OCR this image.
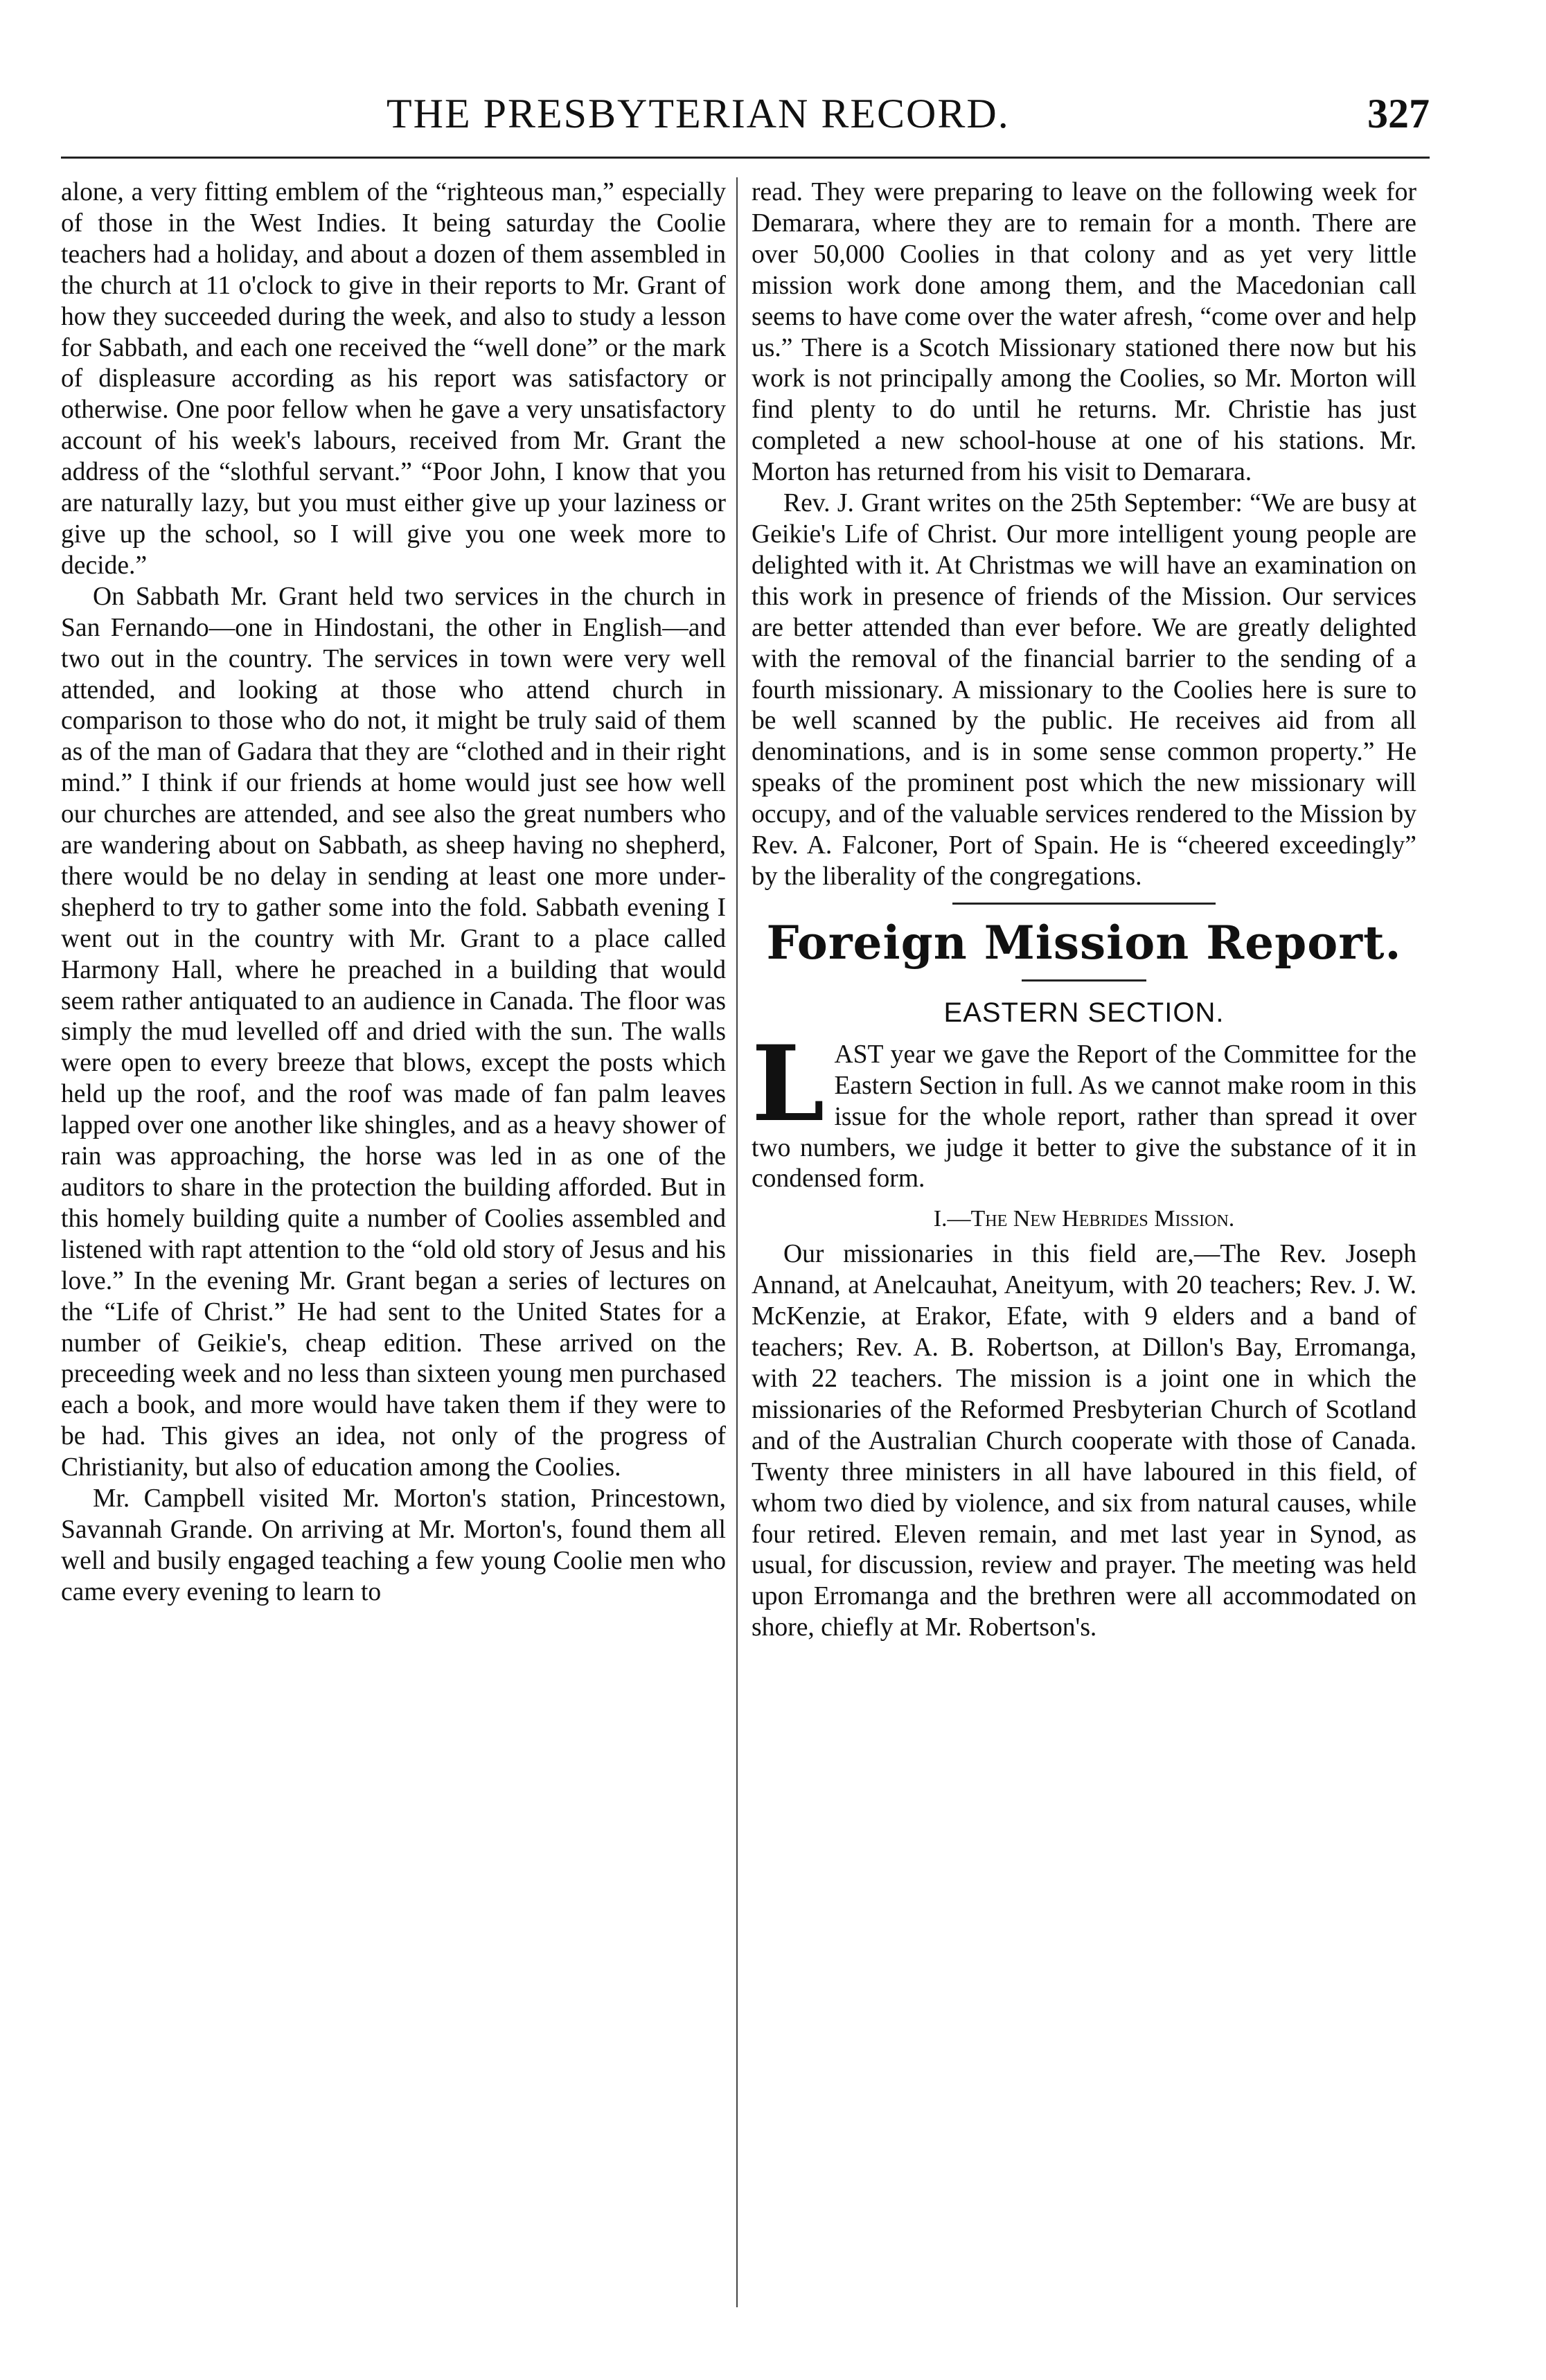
THE PRESBYTERIAN RECORD.	327

alone, a very fitting emblem of the “righteous man,” especially of those in the West Indies. It being saturday the Coolie teachers had a holiday, and about a dozen of them assembled in the church at 11 o'clock to give in their reports to Mr. Grant of how they succeeded during the week, and also to study a lesson for Sabbath, and each one received the “well done” or the mark of displeasure according as his report was satisfactory or otherwise. One poor fellow when he gave a very unsatisfactory account of his week's labours, received from Mr. Grant the address of the “slothful servant.” “Poor John, I know that you are naturally lazy, but you must either give up your laziness or give up the school, so I will give you one week more to decide.”

On Sabbath Mr. Grant held two services in the church in San Fernando—one in Hindostani, the other in English—and two out in the country. The services in town were very well attended, and looking at those who attend church in comparison to those who do not, it might be truly said of them as of the man of Gadara that they are “clothed and in their right mind.” I think if our friends at home would just see how well our churches are attended, and see also the great numbers who are wandering about on Sabbath, as sheep having no shepherd, there would be no delay in sending at least one more under-shepherd to try to gather some into the fold. Sabbath evening I went out in the country with Mr. Grant to a place called Harmony Hall, where he preached in a building that would seem rather antiquated to an audience in Canada. The floor was simply the mud levelled off and dried with the sun. The walls were open to every breeze that blows, except the posts which held up the roof, and the roof was made of fan palm leaves lapped over one another like shingles, and as a heavy shower of rain was approaching, the horse was led in as one of the auditors to share in the protection the building afforded. But in this homely building quite a number of Coolies assembled and listened with rapt attention to the “old old story of Jesus and his love.” In the evening Mr. Grant began a series of lectures on the “Life of Christ.” He had sent to the United States for a number of Geikie's, cheap edition. These arrived on the preceeding week and no less than sixteen young men purchased each a book, and more would have taken them if they were to be had. This gives an idea, not only of the progress of Christianity, but also of education among the Coolies.

Mr. Campbell visited Mr. Morton's station, Princestown, Savannah Grande. On arriving at Mr. Morton's, found them all well and busily engaged teaching a few young Coolie men who came every evening to learn to

read. They were preparing to leave on the following week for Demarara, where they are to remain for a month. There are over 50,000 Coolies in that colony and as yet very little mission work done among them, and the Macedonian call seems to have come over the water afresh, “come over and help us.” There is a Scotch Missionary stationed there now but his work is not principally among the Coolies, so Mr. Morton will find plenty to do until he returns. Mr. Christie has just completed a new school-house at one of his stations. Mr. Morton has returned from his visit to Demarara.

Rev. J. Grant writes on the 25th September: “We are busy at Geikie's Life of Christ. Our more intelligent young people are delighted with it. At Christmas we will have an examination on this work in presence of friends of the Mission. Our services are better attended than ever before. We are greatly delighted with the removal of the financial barrier to the sending of a fourth missionary. A missionary to the Coolies here is sure to be well scanned by the public. He receives aid from all denominations, and is in some sense common property.” He speaks of the prominent post which the new missionary will occupy, and of the valuable services rendered to the Mission by Rev. A. Falconer, Port of Spain. He is “cheered exceedingly” by the liberality of the congregations.

Foreign Mission Report.
EASTERN SECTION.

L AST year we gave the Report of the Committee for the Eastern Section in full. As we cannot make room in this issue for the whole report, rather than spread it over two numbers, we judge it better to give the substance of it in condensed form.

I.—The New Hebrides Mission.

Our missionaries in this field are,—The Rev. Joseph Annand, at Anelcauhat, Aneityum, with 20 teachers; Rev. J. W. McKenzie, at Erakor, Efate, with 9 elders and a band of teachers; Rev. A. B. Robertson, at Dillon's Bay, Erromanga, with 22 teachers. The mission is a joint one in which the missionaries of the Reformed Presbyterian Church of Scotland and of the Australian Church cooperate with those of Canada. Twenty three ministers in all have laboured in this field, of whom two died by violence, and six from natural causes, while four retired. Eleven remain, and met last year in Synod, as usual, for discussion, review and prayer. The meeting was held upon Erromanga and the brethren were all accommodated on shore, chiefly at Mr. Robertson's.
